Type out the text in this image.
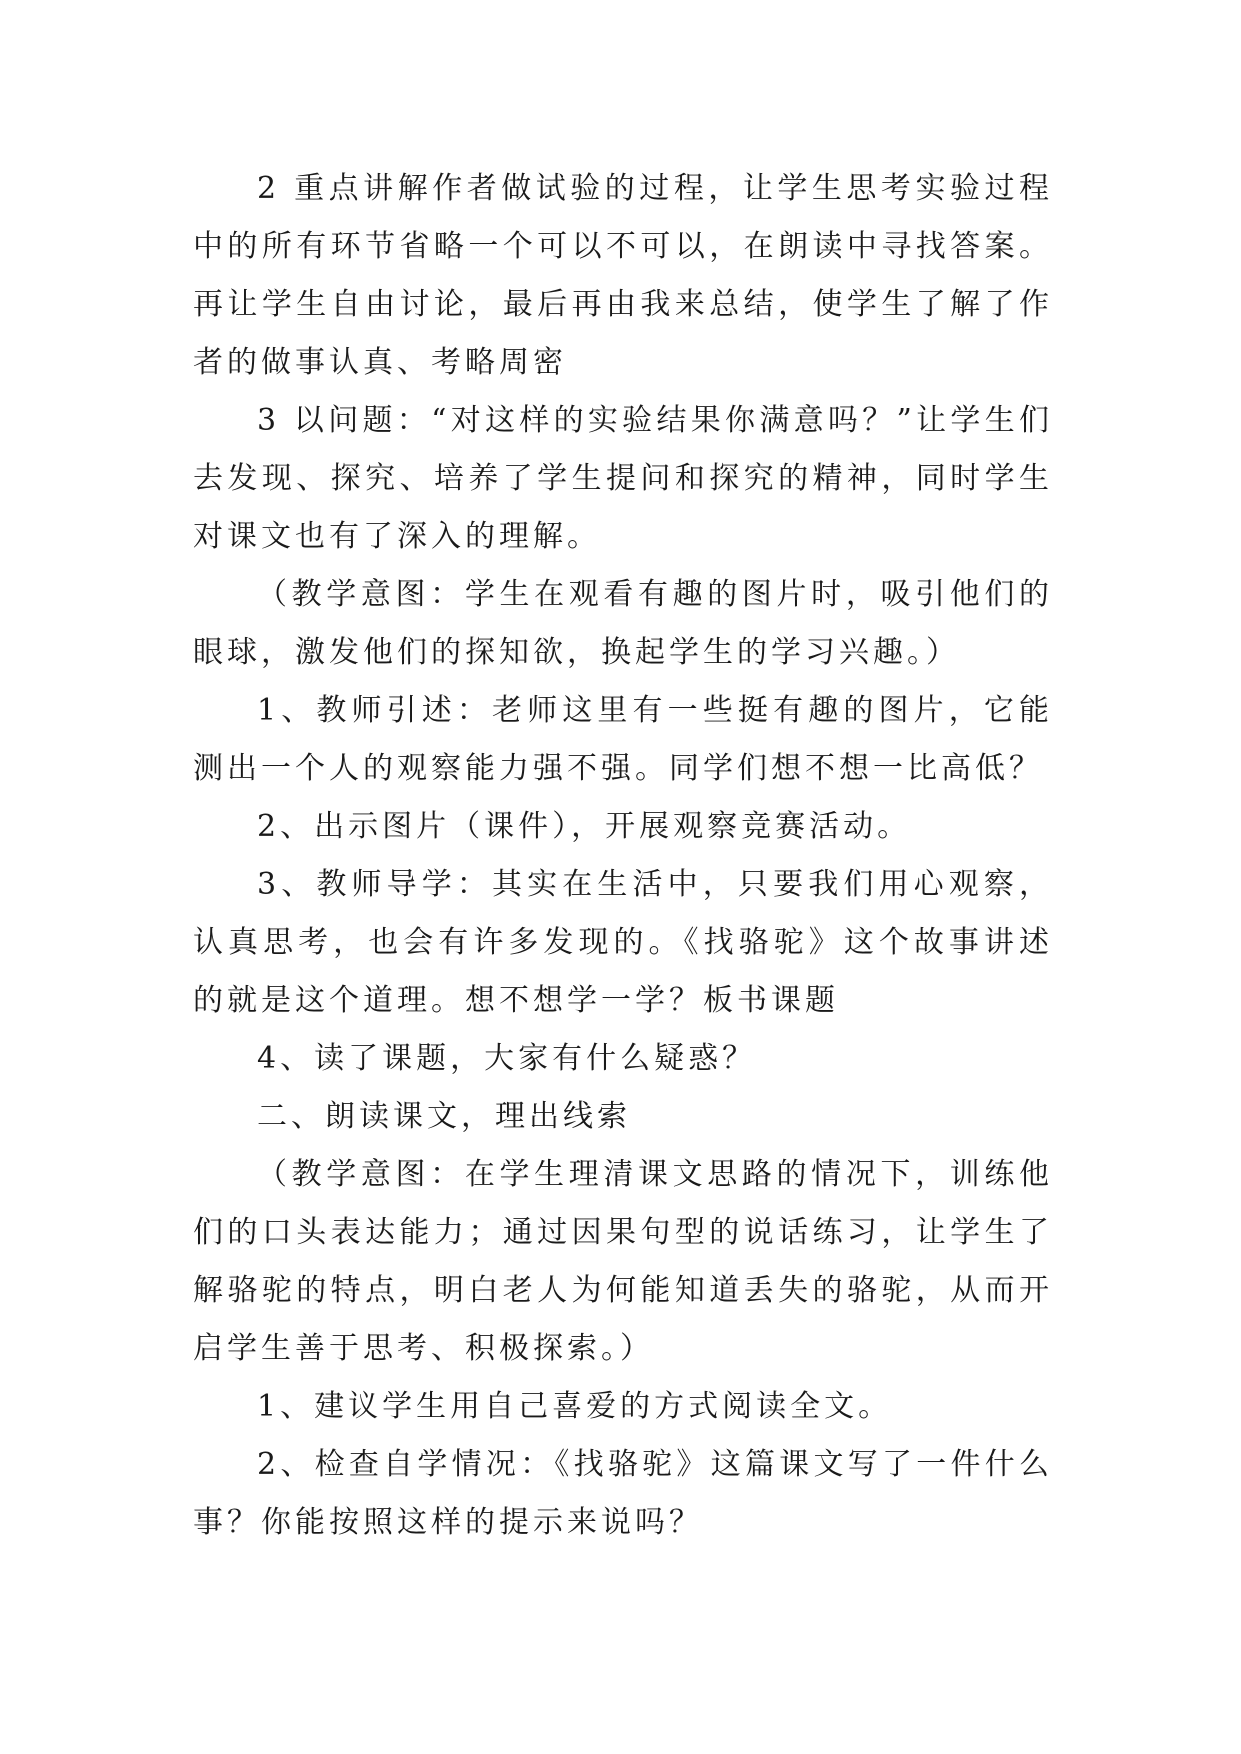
2 重点讲解作者做试验的过程，让学生思考实验过程中的所有环节省略一个可以不可以，在朗读中寻找答案。再让学生自由讨论，最后再由我来总结，使学生了解了作者的做事认真、考略周密

3 以问题：“对这样的实验结果你满意吗？”让学生们去发现、探究、培养了学生提问和探究的精神，同时学生对课文也有了深入的理解。

（教学意图：学生在观看有趣的图片时，吸引他们的眼球，激发他们的探知欲，换起学生的学习兴趣。）

1、教师引述：老师这里有一些挺有趣的图片，它能测出一个人的观察能力强不强。同学们想不想一比高低？

2、出示图片（课件），开展观察竞赛活动。

3、教师导学：其实在生活中，只要我们用心观察，认真思考，也会有许多发现的。《找骆驼》这个故事讲述的就是这个道理。想不想学一学？板书课题

4、读了课题，大家有什么疑惑？

二、朗读课文，理出线索

（教学意图：在学生理清课文思路的情况下，训练他们的口头表达能力；通过因果句型的说话练习，让学生了解骆驼的特点，明白老人为何能知道丢失的骆驼，从而开启学生善于思考、积极探索。）

1、建议学生用自己喜爱的方式阅读全文。

2、检查自学情况：《找骆驼》这篇课文写了一件什么事？你能按照这样的提示来说吗？
